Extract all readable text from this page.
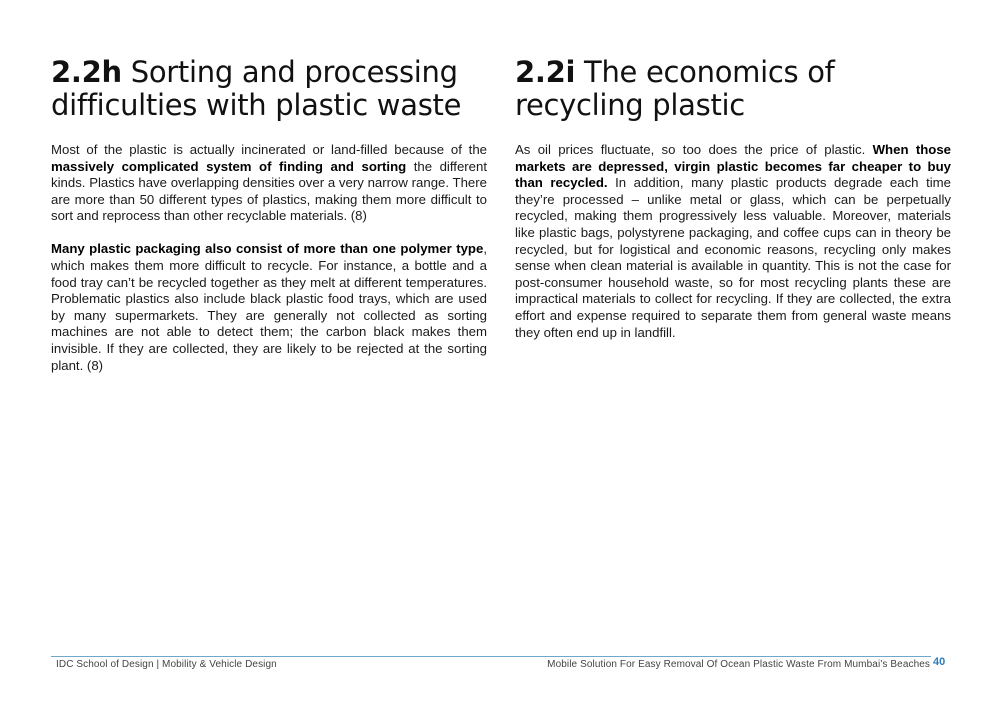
2.2h Sorting and processing difficulties with plastic waste

Most of the plastic is actually incinerated or land-filled because of the massively complicated system of finding and sorting the different kinds. Plastics have overlapping densities over a very narrow range. There are more than 50 different types of plastics, making them more difficult to sort and reprocess than other recyclable materials. (8)

Many plastic packaging also consist of more than one polymer type, which makes them more difficult to recycle. For instance, a bottle and a food tray can’t be recycled together as they melt at different temperatures. Problematic plastics also include black plastic food trays, which are used by many supermarkets. They are generally not collected as sorting machines are not able to detect them; the carbon black makes them invisible. If they are collected, they are likely to be rejected at the sorting plant. (8)

2.2i The economics of recycling plastic

As oil prices fluctuate, so too does the price of plastic. When those markets are depressed, virgin plastic becomes far cheaper to buy than recycled. In addition, many plastic products degrade each time they’re processed – unlike metal or glass, which can be perpetually recycled, making them progressively less valuable. Moreover, materials like plastic bags, polystyrene packaging, and coffee cups can in theory be recycled, but for logistical and economic reasons, recycling only makes sense when clean material is available in quantity. This is not the case for post-consumer household waste, so for most recycling plants these are impractical materials to collect for recycling. If they are collected, the extra effort and expense required to separate them from general waste means they often end up in landfill.

IDC School of Design | Mobility & Vehicle Design	Mobile Solution For Easy Removal Of Ocean Plastic Waste From Mumbai’s Beaches 40
